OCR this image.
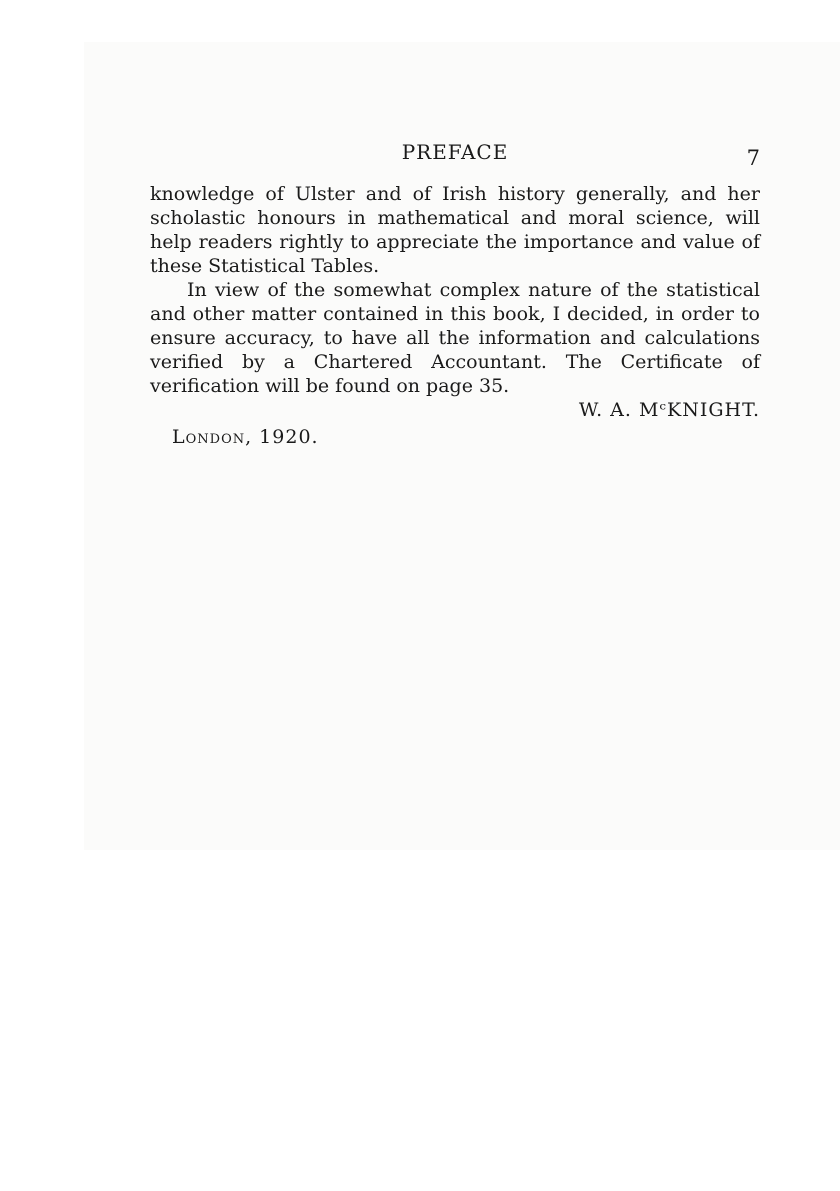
PREFACE	7

knowledge of Ulster and of Irish history generally, and her scholastic honours in mathematical and moral science, will help readers rightly to appreciate the importance and value of these Statistical Tables.

In view of the somewhat complex nature of the statistical and other matter contained in this book, I decided, in order to ensure accuracy, to have all the information and calculations verified by a Chartered Accountant. The Certificate of verification will be found on page 35.

W. A. MᶜKNIGHT.
London, 1920.
